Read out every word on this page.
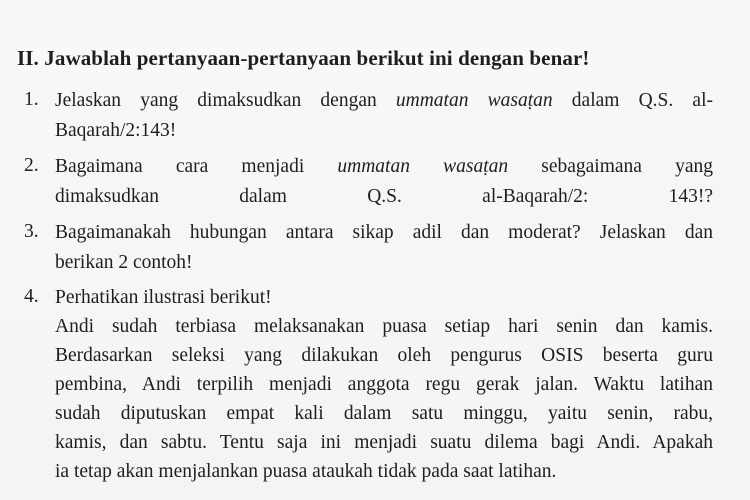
II. Jawablah pertanyaan-pertanyaan berikut ini dengan benar!
1. Jelaskan yang dimaksudkan dengan ummatan wasaṭan dalam Q.S. al-
Baqarah/2:143!
2. Bagaimana cara menjadi ummatan wasaṭan sebagaimana yang
dimaksudkan dalam Q.S. al-Baqarah/2: 143!?
3. Bagaimanakah hubungan antara sikap adil dan moderat? Jelaskan dan
berikan 2 contoh!
4. Perhatikan ilustrasi berikut!
Andi sudah terbiasa melaksanakan puasa setiap hari senin dan kamis.
Berdasarkan seleksi yang dilakukan oleh pengurus OSIS beserta guru
pembina, Andi terpilih menjadi anggota regu gerak jalan. Waktu latihan
sudah diputuskan empat kali dalam satu minggu, yaitu senin, rabu,
kamis, dan sabtu. Tentu saja ini menjadi suatu dilema bagi Andi. Apakah
ia tetap akan menjalankan puasa ataukah tidak pada saat latihan.
